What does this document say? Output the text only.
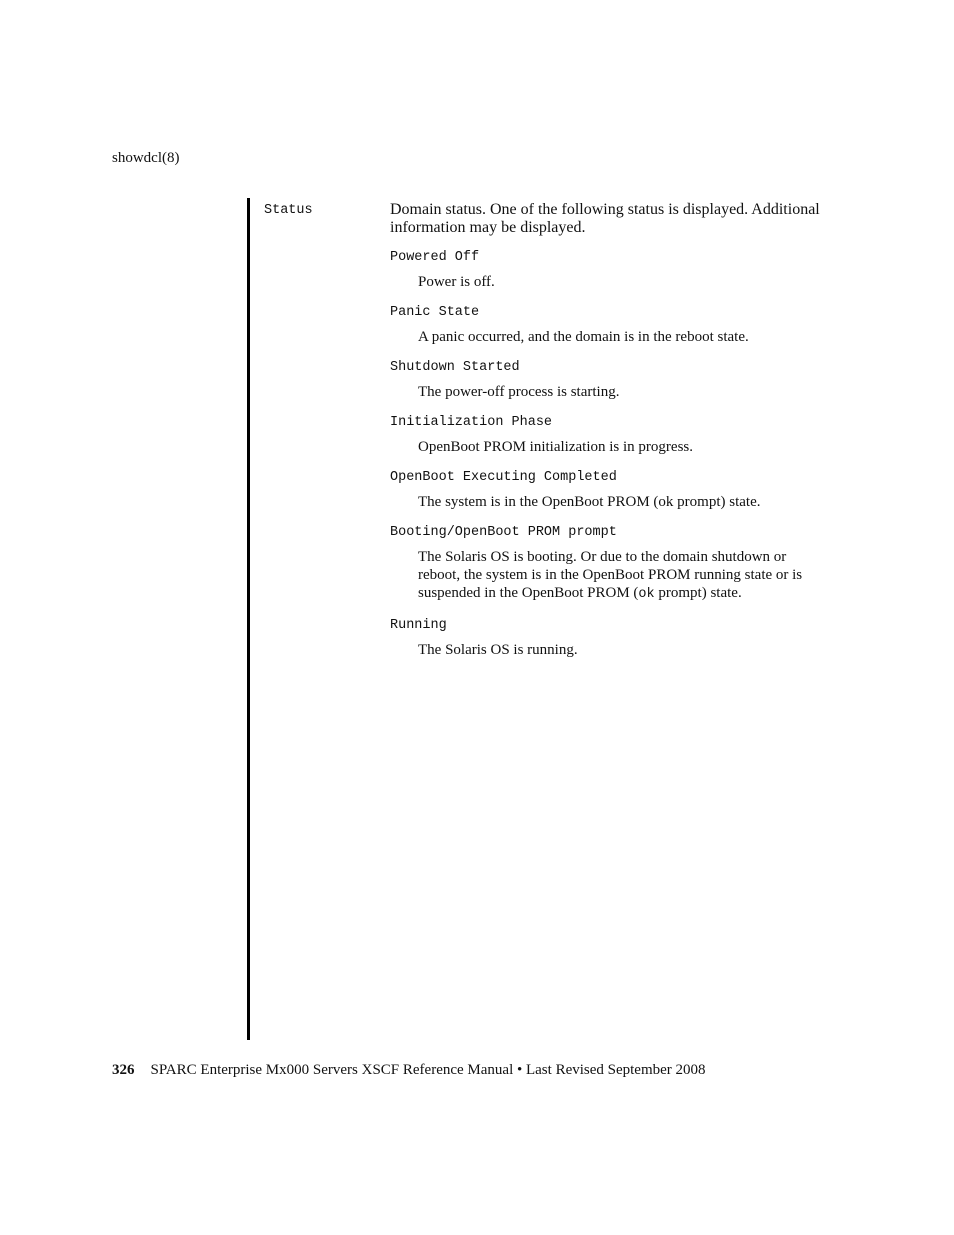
showdcl(8)
Status	Domain status. One of the following status is displayed. Additional information may be displayed.

Powered Off

Power is off.

Panic State

A panic occurred, and the domain is in the reboot state.

Shutdown Started

The power-off process is starting.

Initialization Phase

OpenBoot PROM initialization is in progress.

OpenBoot Executing Completed

The system is in the OpenBoot PROM (ok prompt) state.

Booting/OpenBoot PROM prompt

The Solaris OS is booting. Or due to the domain shutdown or reboot, the system is in the OpenBoot PROM running state or is suspended in the OpenBoot PROM (ok prompt) state.

Running

The Solaris OS is running.

326 SPARC Enterprise Mx000 Servers XSCF Reference Manual • Last Revised September 2008
